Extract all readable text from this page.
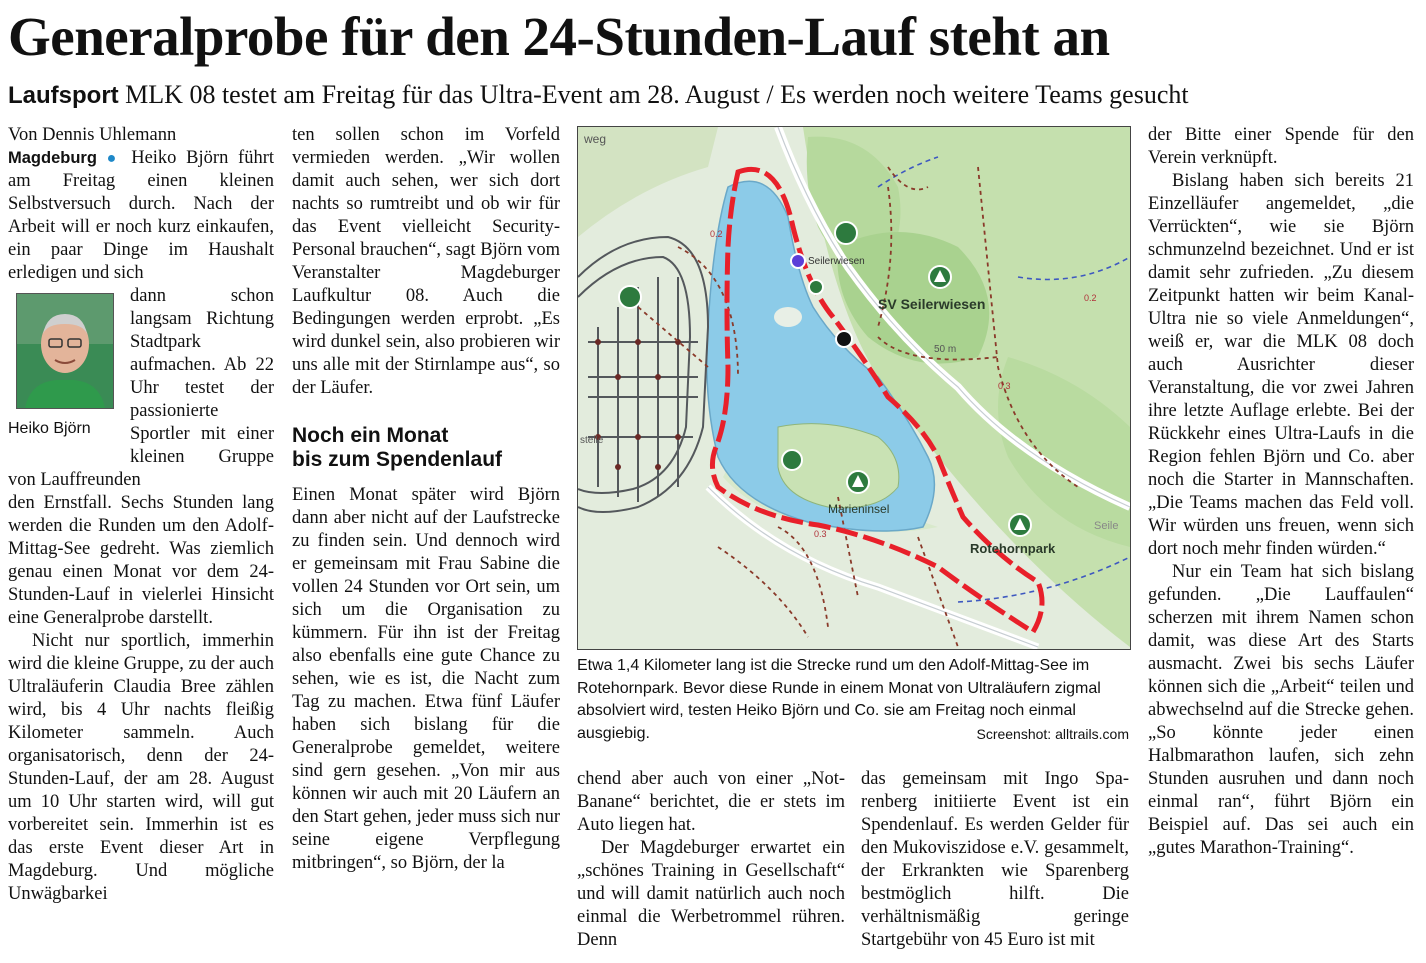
Generalprobe für den 24-Stunden-Lauf steht an

Laufsport MLK 08 testet am Freitag für das Ultra-Event am 28. August / Es werden noch weitere Teams gesucht

Von Dennis Uhlemann

Magdeburg ● Heiko Björn führt am Freitag einen kleinen Selbstversuch durch. Nach der Arbeit will er noch kurz einkaufen, ein paar Dinge im Haushalt erledigen und sich

Heiko Björn

dann schon langsam Richtung Stadtpark aufmachen. Ab 22 Uhr testet der passionierte Sportler mit einer kleinen Gruppe von Lauffreunden

den Ernstfall. Sechs Stunden lang werden die Runden um den Adolf-Mittag-See gedreht. Was ziemlich genau einen Monat vor dem 24-Stunden-Lauf in vielerlei Hinsicht eine Generalprobe darstellt.

Nicht nur sportlich, immerhin wird die kleine Gruppe, zu der auch Ultraläuferin Claudia Bree zählen wird, bis 4 Uhr nachts fleißig Kilometer sammeln. Auch organisatorisch, denn der 24-Stunden-Lauf, der am 28. August um 10 Uhr starten wird, will gut vorbereitet sein. Immerhin ist es das erste Event dieser Art in Magdeburg. Und mögliche Unwägbarkei

ten sollen schon im Vorfeld vermieden werden. „Wir wollen damit auch sehen, wer sich dort nachts so rumtreibt und ob wir für das Event vielleicht Security-Personal brauchen“, sagt Björn vom Veranstalter Magdeburger Laufkultur 08. Auch die Bedingungen werden erprobt. „Es wird dunkel sein, also probieren wir uns alle mit der Stirnlampe aus“, so der Läufer.

Noch ein Monat
bis zum Spendenlauf

Einen Monat später wird Björn dann aber nicht auf der Laufstrecke zu finden sein. Und dennoch wird er gemeinsam mit Frau Sabine die vollen 24 Stunden vor Ort sein, um sich um die Organisation zu kümmern. Für ihn ist der Freitag also ebenfalls eine gute Chance zu sehen, wie es ist, die Nacht zum Tag zu machen. Etwa fünf Läufer haben sich bislang für die Generalprobe gemeldet, weitere sind gern gesehen. „Von mir aus können wir auch mit 20 Läufern an den Start gehen, jeder muss sich nur seine eigene Verpflegung mitbringen“, so Björn, der la

weg
Seilerwiesen
SV Seilerwiesen
Marieninsel
Rotehornpark
50 m
Seile
stelle
0.2
0.2
0.3
0.3
Etwa 1,4 Kilometer lang ist die Strecke rund um den Adolf-Mittag-See im Rotehornpark. Bevor diese Runde in einem Monat von Ultraläufern zigmal absolviert wird, testen Heiko Björn und Co. sie am Freitag noch einmal ausgiebig.	Screenshot: alltrails.com

chend aber auch von einer „Not-Banane“ berichtet, die er stets im Auto liegen hat.

Der Magdeburger erwartet ein „schönes Training in Gesellschaft“ und will damit natürlich auch noch einmal die Werbetrommel rühren. Denn

das gemeinsam mit Ingo Sparenberg initiierte Event ist ein Spendenlauf. Es werden Gelder für den Mukoviszidose e.V. gesammelt, der Erkrankten wie Sparenberg bestmöglich hilft. Die verhältnismäßig geringe Startgebühr von 45 Euro ist mit

der Bitte einer Spende für den Verein verknüpft.

Bislang haben sich bereits 21 Einzelläufer angemeldet, „die Verrückten“, wie sie Björn schmunzelnd bezeichnet. Und er ist damit sehr zufrieden. „Zu diesem Zeitpunkt hatten wir beim Kanal-Ultra nie so viele Anmeldungen“, weiß er, war die MLK 08 doch auch Ausrichter dieser Veranstaltung, die vor zwei Jahren ihre letzte Auflage erlebte. Bei der Rückkehr eines Ultra-Laufs in die Region fehlen Björn und Co. aber noch die Starter in Mannschaften. „Die Teams machen das Feld voll. Wir würden uns freuen, wenn sich dort noch mehr finden würden.“

Nur ein Team hat sich bislang gefunden. „Die Lauffaulen“ scherzen mit ihrem Namen schon damit, was diese Art des Starts ausmacht. Zwei bis sechs Läufer können sich die „Arbeit“ teilen und abwechselnd auf die Strecke gehen. „So könnte jeder einen Halbmarathon laufen, sich zehn Stunden ausruhen und dann noch einmal ran“, führt Björn ein Beispiel auf. Das sei auch ein „gutes Marathon-Training“.
